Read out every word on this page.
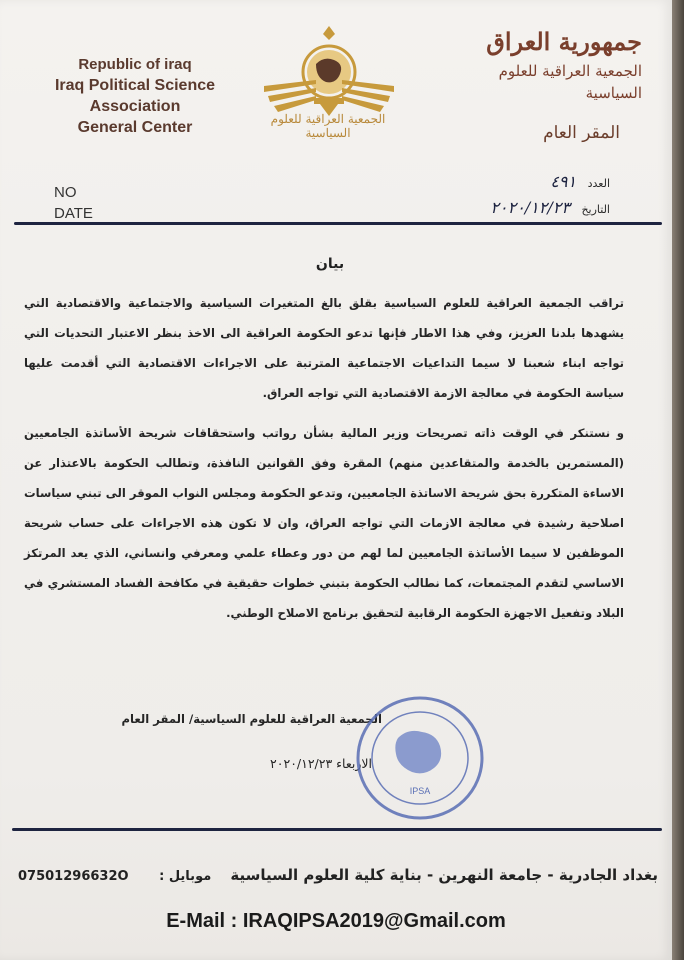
Republic of iraq
Iraq Political Science Association
General Center	الجمعية العراقية للعلوم السياسية
جمهورية العراق
الجمعية العراقية للعلوم السياسية
المقر العام
NO
DATE
العدد ٤٩١
التاريخ ٢٠٢٠/١٢/٢٣
بيان

تراقب الجمعية العراقية للعلوم السياسية بقلق بالغ المتغيرات السياسية والاجتماعية والاقتصادية التي يشهدها بلدنا العزيز، وفي هذا الاطار فإنها تدعو الحكومة العراقية الى الاخذ بنظر الاعتبار التحديات التي تواجه ابناء شعبنا لا سيما التداعيات الاجتماعية المترتبة على الاجراءات الاقتصادية التي أقدمت عليها سياسة الحكومة في معالجة الازمة الاقتصادية التي تواجه العراق.

و نستنكر في الوقت ذاته تصريحات وزير المالية بشأن رواتب واستحقاقات شريحة الأساتذة الجامعيين (المستمرين بالخدمة والمتقاعدين منهم) المقرة وفق القوانين النافذة، وتطالب الحكومة بالاعتذار عن الاساءة المتكررة بحق شريحة الاساتذة الجامعيين، وتدعو الحكومة ومجلس النواب الموقر الى تبني سياسات اصلاحية رشيدة في معالجة الازمات التي تواجه العراق، وان لا تكون هذه الاجراءات على حساب شريحة الموظفين لا سيما الأساتذة الجامعيين لما لهم من دور وعطاء علمي ومعرفي وانساني، الذي يعد المرتكز الاساسي لتقدم المجتمعات، كما نطالب الحكومة بتبني خطوات حقيقية في مكافحة الفساد المستشري في البلاد وتفعيل الاجهزة الحكومة الرقابية لتحقيق برنامج الاصلاح الوطني.

الجمعية العراقية للعلوم السياسية/ المقر العام
الاربعاء ٢٠٢٠/١٢/٢٣
IPSA
بغداد الجادرية - جامعة النهرين - بناية كلية العلوم السياسية
07501296632O موبايل :
E-Mail : IRAQIPSA2019@Gmail.com
